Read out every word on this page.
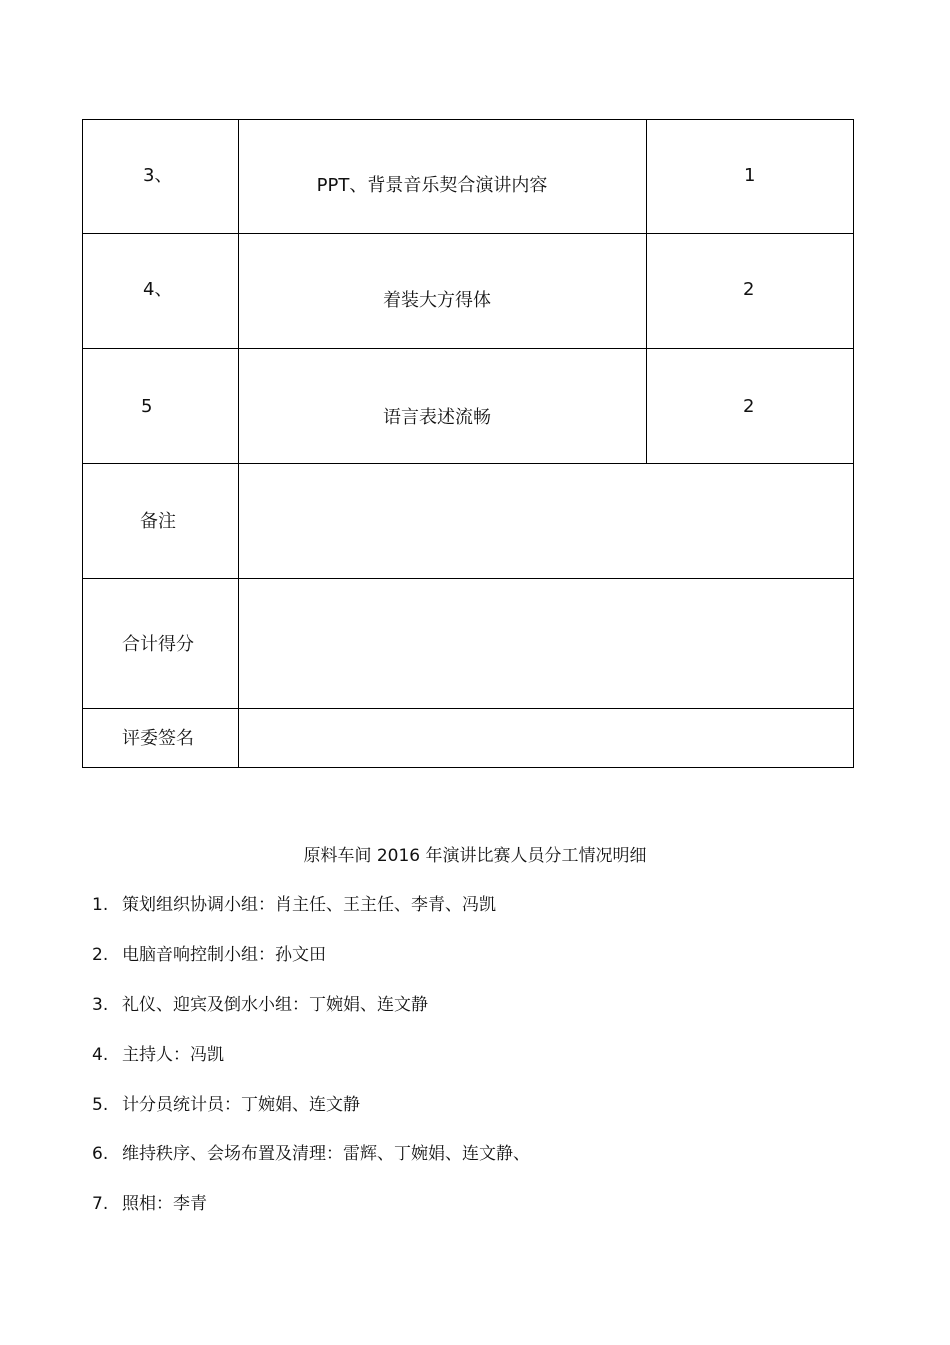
3、	PPT、背景音乐契合演讲内容	1
4、
着装大方得体
2
5
语言表述流畅
2
备注
合计得分
评委签名
原料车间 2016 年演讲比赛人员分工情况明细
1. 策划组织协调小组：肖主任、王主任、李青、冯凯
2. 电脑音响控制小组：孙文田
3. 礼仪、迎宾及倒水小组：丁婉娟、连文静
4. 主持人：冯凯
5. 计分员统计员：丁婉娟、连文静
6. 维持秩序、会场布置及清理：雷辉、丁婉娟、连文静、
7. 照相：李青
